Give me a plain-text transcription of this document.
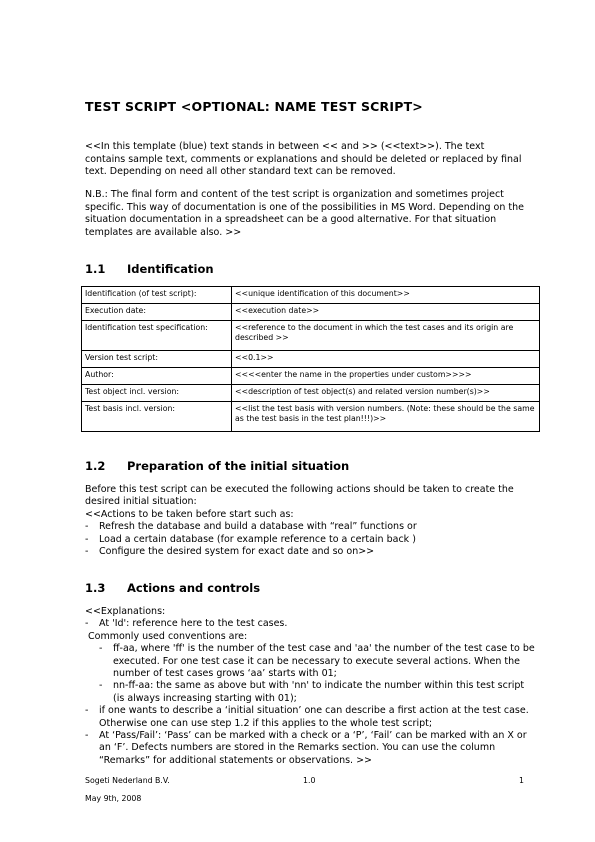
TEST SCRIPT <OPTIONAL: NAME TEST SCRIPT>
<<In this template (blue) text stands in between << and >> (<<text>>). The text contains sample text, comments or explanations and should be deleted or replaced by final text. Depending on need all other standard text can be removed.
N.B.: The final form and content of the test script is organization and sometimes project specific. This way of documentation is one of the possibilities in MS Word. Depending on the situation documentation in a spreadsheet can be a good alternative. For that situation templates are available also. >>
1.1 Identification
Identification (of test script):	<<unique identification of this document>>
Execution date:	<<execution date>>
Identification test specification:	<<reference to the document in which the test cases and its origin are described >>
Version test script:	<<0.1>>
Author:	<<<<enter the name in the properties under custom>>>>
Test object incl. version:	<<description of test object(s) and related version number(s)>>
Test basis incl. version:	<<list the test basis with version numbers. (Note: these should be the same as the test basis in the test plan!!!)>>
1.2 Preparation of the initial situation
Before this test script can be executed the following actions should be taken to create the desired initial situation:
<<Actions to be taken before start such as:
- Refresh the database and build a database with “real” functions or
- Load a certain database (for example reference to a certain back )
- Configure the desired system for exact date and so on>>
1.3 Actions and controls
<<Explanations:
- At 'Id': reference here to the test cases.
Commonly used conventions are:
- ff-aa, where 'ff' is the number of the test case and 'aa' the number of the test case to be executed. For one test case it can be necessary to execute several actions. When the number of test cases grows ‘aa’ starts with 01;
- nn-ff-aa: the same as above but with 'nn' to indicate the number within this test script (is always increasing starting with 01);
- if one wants to describe a ‘initial situation’ one can describe a first action at the test case. Otherwise one can use step 1.2 if this applies to the whole test script;
- At ‘Pass/Fail’: ‘Pass’ can be marked with a check or a ‘P’, ‘Fail’ can be marked with an X or an ‘F’. Defects numbers are stored in the Remarks section. You can use the column “Remarks” for additional statements or observations. >>
Sogeti Nederland B.V.	1.0	1
May 9th, 2008
